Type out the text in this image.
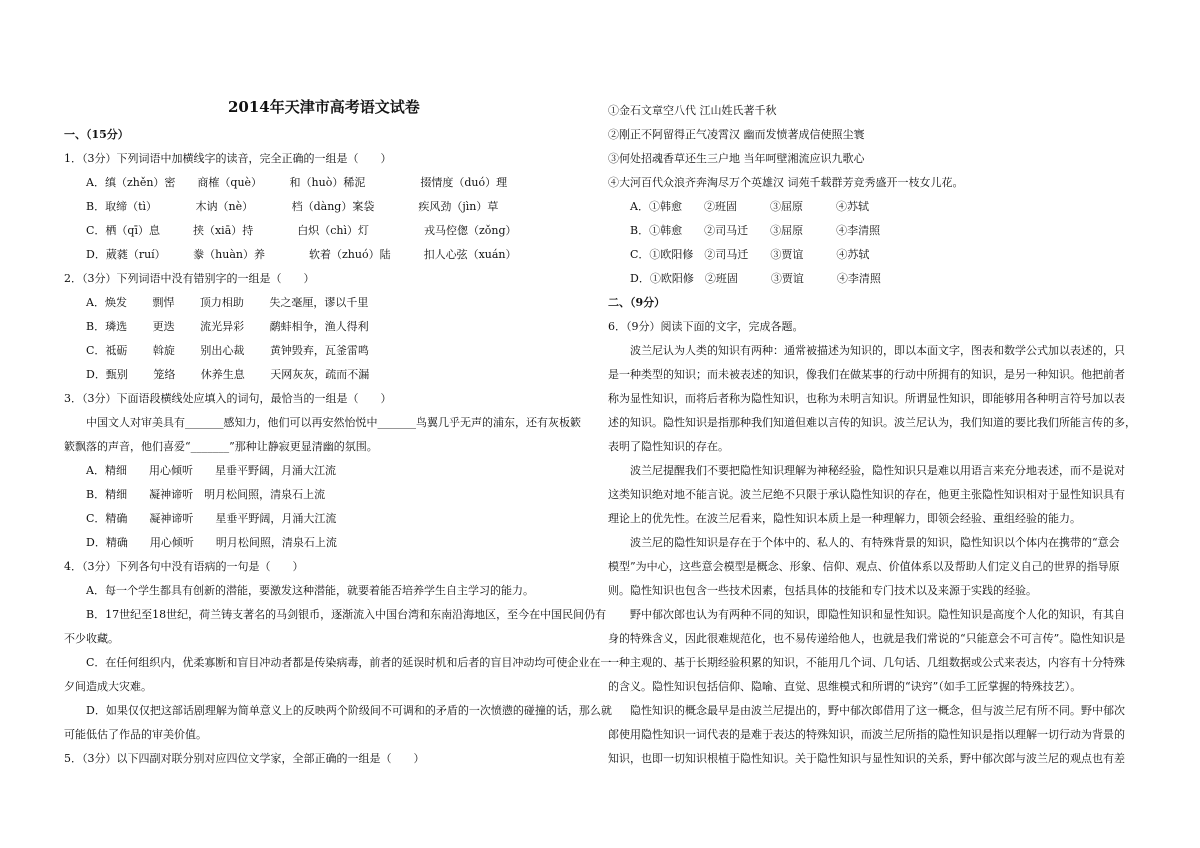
2014年天津市高考语文试卷
一、（15分）
1．（3分）下列词语中加横线字的读音，完全正确的一组是（　　）
A．缜（zhěn）密　　商榷（què）　　　和（huò）稀泥　　　　　掇情度（duó）理
B．取缔（tì）　　　　木讷（nè）　　　　档（dàng）案袋　　　　疾风劲（jìn）草
C．栖（qī）息　　　挟（xiā）持　　　　白炽（chì）灯　　　　　戎马倥偬（zǒng）
D．葳蕤（ruí）　　　豢（huàn）养　　　　软着（zhuó）陆　　　扣人心弦（xuán）
2．（3分）下列词语中没有错别字的一组是（　　）
A．焕发　　 剽悍　　 顶力相助　　 失之毫厘，谬以千里
B．璘选　　 更迭　　 流光异彩　　 鹬蚌相争，渔人得利
C．祗砺　　 斡旋　　 别出心裁　　 黄钟毁弃，瓦釜雷鸣
D．甄别　　 笼络　　 休养生息　　 天网灰灰，疏而不漏
3．（3分）下面语段横线处应填入的词句，最恰当的一组是（　　）
　　中国文人对审美具有_______感知力，他们可以再安然怡悦中_______鸟翼几乎无声的浦东，还有灰板簌
簌飘落的声音，他们喜爱“_______”那种让静寂更显清幽的氛围。
A．精细　　用心倾听　　星垂平野阔，月涌大江流
B．精细　　凝神谛听　明月松间照，清泉石上流
C．精确　　凝神谛听　　星垂平野阔，月涌大江流
D．精确　　用心倾听　　明月松间照，清泉石上流
4．（3分）下列各句中没有语病的一句是（　　）
A．每一个学生都具有创新的潜能，要激发这种潜能，就要着能否培养学生自主学习的能力。
B．17世纪至18世纪，荷兰铸支著名的马剑银币，逐渐流入中国台湾和东南沿海地区，至今在中国民间仍有
不少收藏。
C．在任何组织内，优柔寡断和盲目冲动者都是传染病毒，前者的延误时机和后者的盲目冲动均可使企业在一
夕间造成大灾难。
D．如果仅仅把这部话剧理解为简单意义上的反映两个阶级间不可调和的矛盾的一次愤懑的碰撞的话，那么就
可能低估了作品的审美价值。
5．（3分）以下四副对联分别对应四位文学家，全部正确的一组是（　　）
①金石文章空八代 江山姓氏著千秋
②刚正不阿留得正气凌霄汉 幽而发愤著成信使照尘寰
③何处招魂香草还生三户地 当年呵壁湘流应识九歌心
④大河百代众浪齐奔淘尽万个英雄汉 词苑千载群芳竞秀盛开一枝女儿花。
A．①韩愈　　②班固　　　③屈原　　　④苏轼
B．①韩愈　　②司马迁　　③屈原　　　④李清照
C．①欧阳修　②司马迁　　③贾谊　　　④苏轼
D．①欧阳修　②班固　　　③贾谊　　　④李清照
二、（9分）
6．（9分）阅读下面的文字，完成各题。
　　波兰尼认为人类的知识有两种：通常被描述为知识的，即以本面文字，图表和数学公式加以表述的，只
是一种类型的知识；而未被表述的知识，像我们在做某事的行动中所拥有的知识，是另一种知识。他把前者
称为显性知识，而将后者称为隐性知识，也称为未明言知识。所谓显性知识，即能够用各种明言符号加以表
述的知识。隐性知识是指那种我们知道但难以言传的知识。波兰尼认为，我们知道的要比我们所能言传的多，
表明了隐性知识的存在。
　　波兰尼提醒我们不要把隐性知识理解为神秘经验，隐性知识只是难以用语言来充分地表述，而不是说对
这类知识绝对地不能言说。波兰尼绝不只限于承认隐性知识的存在，他更主张隐性知识相对于显性知识具有
理论上的优先性。在波兰尼看来，隐性知识本质上是一种理解力，即领会经验、重组经验的能力。
　　波兰尼的隐性知识是存在于个体中的、私人的、有特殊背景的知识，隐性知识以个体内在携带的“意会
模型”为中心，这些意会模型是概念、形象、信仰、观点、价值体系以及帮助人们定义自己的世界的指导原
则。隐性知识也包含一些技术因素，包括具体的技能和专门技术以及来源于实践的经验。
　　野中郁次郎也认为有两种不同的知识，即隐性知识和显性知识。隐性知识是高度个人化的知识，有其自
身的特殊含义，因此很难规范化，也不易传递给他人，也就是我们常说的“只能意会不可言传”。隐性知识是
一种主观的、基于长期经验积累的知识，不能用几个词、几句话、几组数据或公式来表达，内容有十分特殊
的含义。隐性知识包括信仰、隐喻、直觉、思维模式和所谓的“诀窍”（如手工匠掌握的特殊技艺）。
　　隐性知识的概念最早是由波兰尼提出的，野中郁次郎借用了这一概念，但与波兰尼有所不同。野中郁次
郎使用隐性知识一词代表的是难于表达的特殊知识，而波兰尼所指的隐性知识是指以理解一切行动为背景的
知识，也即一切知识根植于隐性知识。关于隐性知识与显性知识的关系，野中郁次郎与波兰尼的观点也有差
